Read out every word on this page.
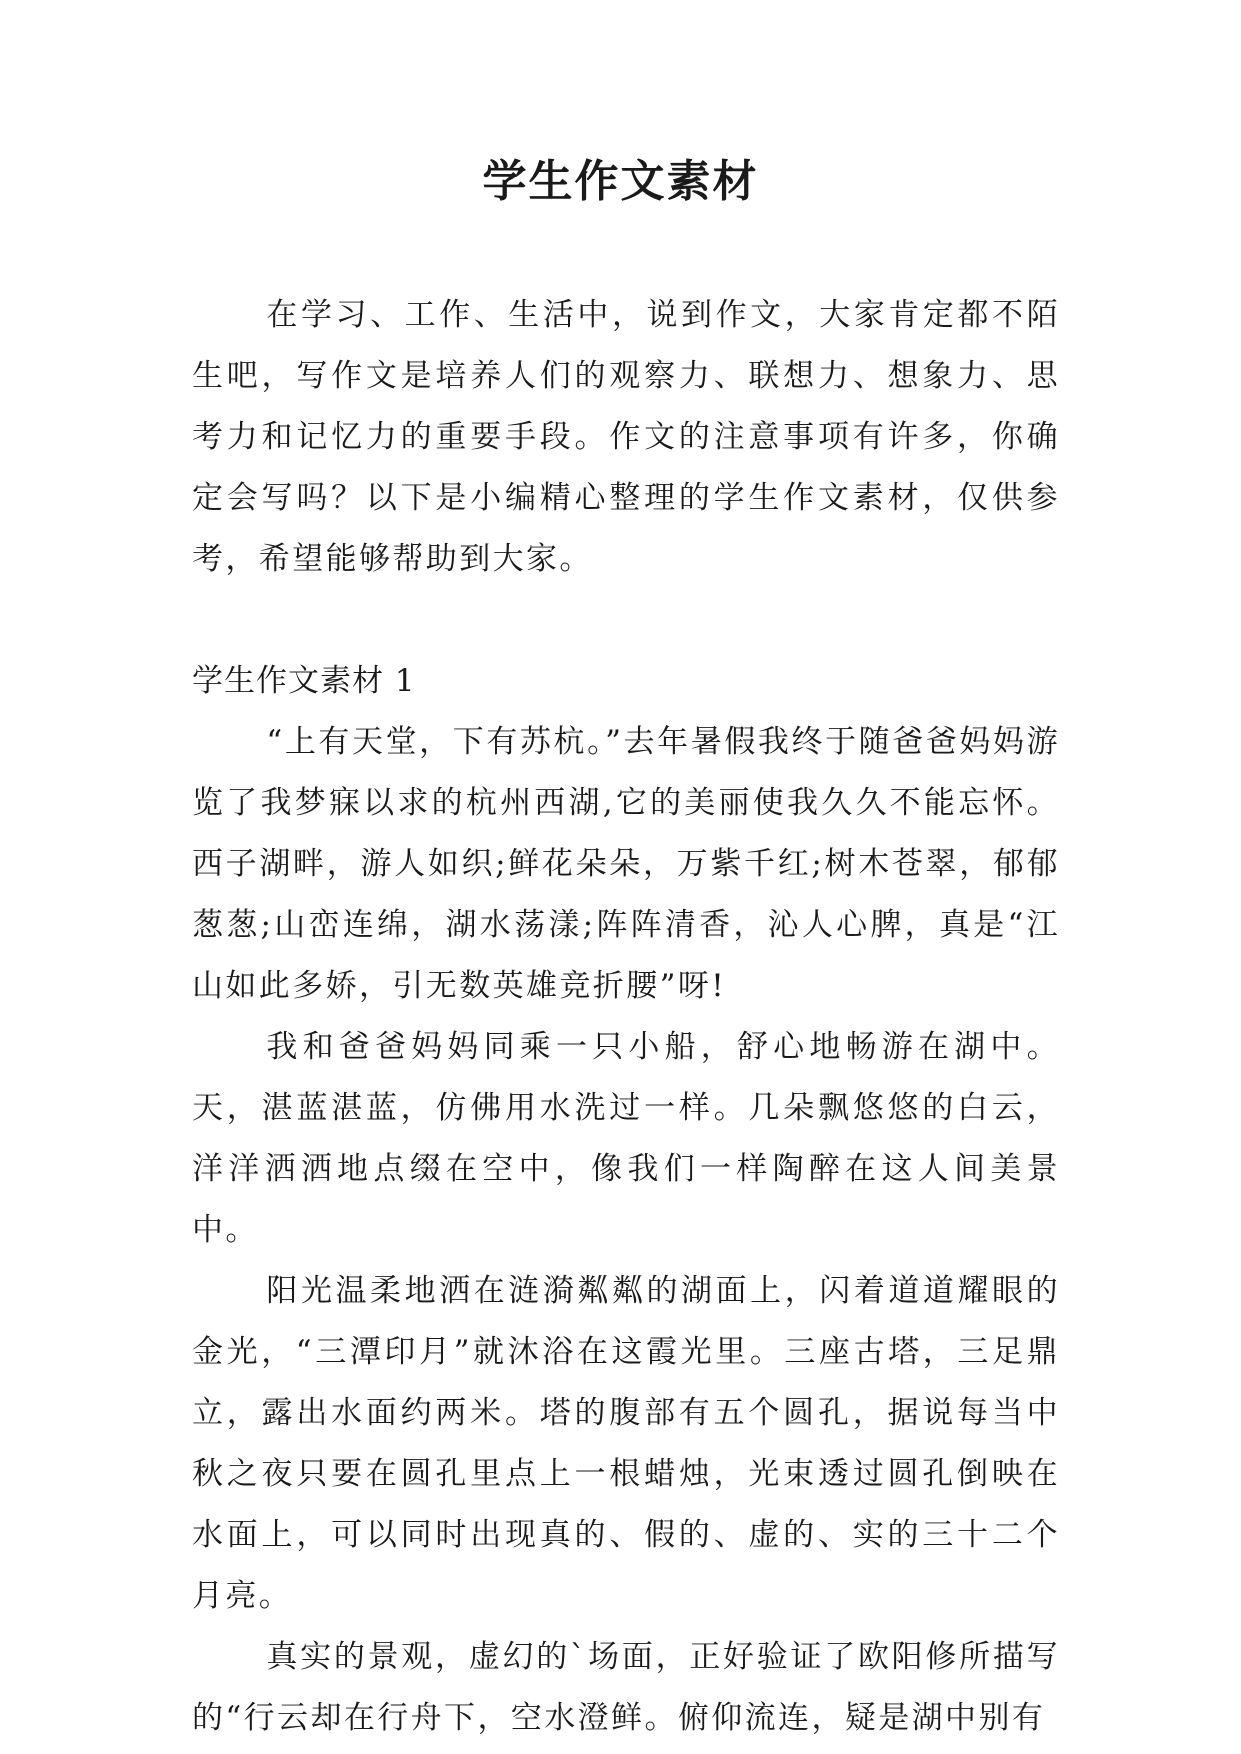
学生作文素材

在学习、工作、生活中，说到作文，大家肯定都不陌生吧，写作文是培养人们的观察力、联想力、想象力、思考力和记忆力的重要手段。作文的注意事项有许多，你确定会写吗？以下是小编精心整理的学生作文素材，仅供参考，希望能够帮助到大家。

学生作文素材 1

“上有天堂，下有苏杭。”去年暑假我终于随爸爸妈妈游览了我梦寐以求的杭州西湖,它的美丽使我久久不能忘怀。西子湖畔，游人如织;鲜花朵朵，万紫千红;树木苍翠，郁郁葱葱;山峦连绵，湖水荡漾;阵阵清香，沁人心脾，真是“江山如此多娇，引无数英雄竞折腰”呀!

我和爸爸妈妈同乘一只小船，舒心地畅游在湖中。天，湛蓝湛蓝，仿佛用水洗过一样。几朵飘悠悠的白云，洋洋洒洒地点缀在空中，像我们一样陶醉在这人间美景中。

阳光温柔地洒在涟漪粼粼的湖面上，闪着道道耀眼的金光，“三潭印月”就沐浴在这霞光里。三座古塔，三足鼎立，露出水面约两米。塔的腹部有五个圆孔，据说每当中秋之夜只要在圆孔里点上一根蜡烛，光束透过圆孔倒映在水面上，可以同时出现真的、假的、虚的、实的三十二个月亮。

真实的景观，虚幻的`场面，正好验证了欧阳修所描写的“行云却在行舟下，空水澄鲜。俯仰流连，疑是湖中别有
